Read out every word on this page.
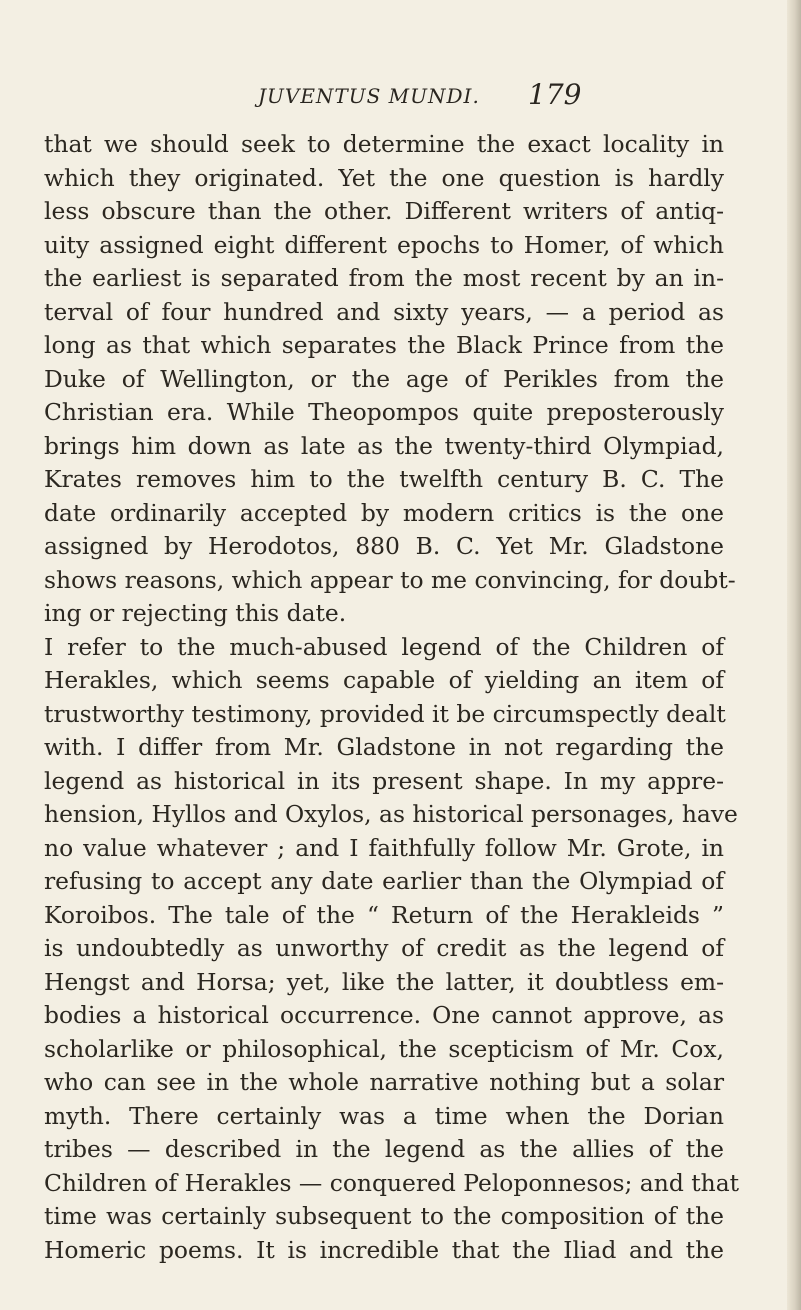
JUVENTUS MUNDI. 179
that we should seek to determine the exact locality in
which they originated. Yet the one question is hardly
less obscure than the other. Different writers of antiq-
uity assigned eight different epochs to Homer, of which
the earliest is separated from the most recent by an in-
terval of four hundred and sixty years, — a period as
long as that which separates the Black Prince from the
Duke of Wellington, or the age of Perikles from the
Christian era. While Theopompos quite preposterously
brings him down as late as the twenty-third Olympiad,
Krates removes him to the twelfth century B. C. The
date ordinarily accepted by modern critics is the one
assigned by Herodotos, 880 B. C. Yet Mr. Gladstone
shows reasons, which appear to me convincing, for doubt-
ing or rejecting this date.
I refer to the much-abused legend of the Children of
Herakles, which seems capable of yielding an item of
trustworthy testimony, provided it be circumspectly dealt
with. I differ from Mr. Gladstone in not regarding the
legend as historical in its present shape. In my appre-
hension, Hyllos and Oxylos, as historical personages, have
no value whatever ; and I faithfully follow Mr. Grote, in
refusing to accept any date earlier than the Olympiad of
Koroibos. The tale of the “ Return of the Herakleids ”
is undoubtedly as unworthy of credit as the legend of
Hengst and Horsa; yet, like the latter, it doubtless em-
bodies a historical occurrence. One cannot approve, as
scholarlike or philosophical, the scepticism of Mr. Cox,
who can see in the whole narrative nothing but a solar
myth. There certainly was a time when the Dorian
tribes — described in the legend as the allies of the
Children of Herakles — conquered Peloponnesos; and that
time was certainly subsequent to the composition of the
Homeric poems. It is incredible that the Iliad and the
